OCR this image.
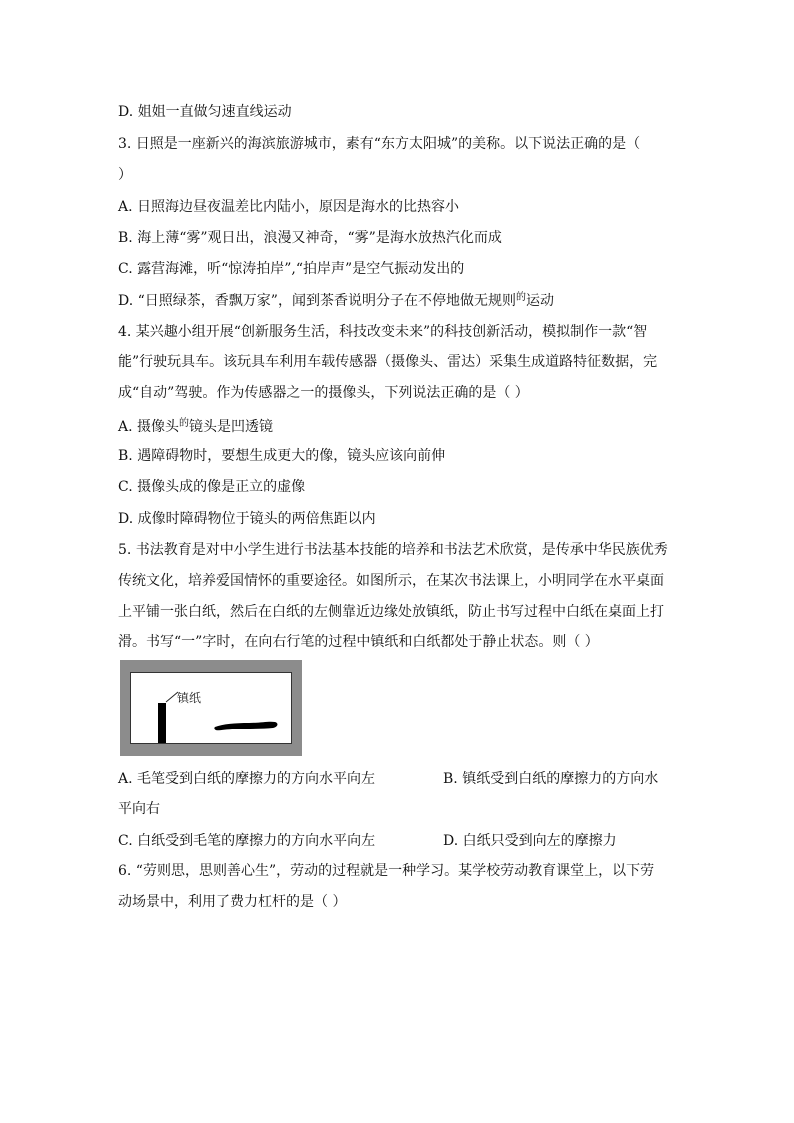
D. 姐姐一直做匀速直线运动
3. 日照是一座新兴的海滨旅游城市，素有“东方太阳城”的美称。以下说法正确的是（
）
A. 日照海边昼夜温差比内陆小，原因是海水的比热容小
B. 海上薄“雾”观日出，浪漫又神奇，“雾”是海水放热汽化而成
C. 露营海滩，听“惊涛拍岸”,“拍岸声”是空气振动发出的
D. “日照绿茶，香飘万家”，闻到茶香说明分子在不停地做无规则$^的$运动
4. 某兴趣小组开展“创新服务生活，科技改变未来”的科技创新活动，模拟制作一款“智
能”行驶玩具车。该玩具车利用车载传感器（摄像头、雷达）采集生成道路特征数据，完
成“自动”驾驶。作为传感器之一的摄像头，下列说法正确的是（ ）
A. 摄像头$^的$镜头是凹透镜
B. 遇障碍物时，要想生成更大的像，镜头应该向前伸
C. 摄像头成的像是正立的虚像
D. 成像时障碍物位于镜头的两倍焦距以内
5. 书法教育是对中小学生进行书法基本技能的培养和书法艺术欣赏，是传承中华民族优秀
传统文化，培养爱国情怀的重要途径。如图所示，在某次书法课上，小明同学在水平桌面
上平铺一张白纸，然后在白纸的左侧靠近边缘处放镇纸，防止书写过程中白纸在桌面上打
滑。书写“一”字时，在向右行笔的过程中镇纸和白纸都处于静止状态。则（ ）
镇纸
A. 毛笔受到白纸的摩擦力的方向水平向左	B. 镇纸受到白纸的摩擦力的方向水
平向右
C. 白纸受到毛笔的摩擦力的方向水平向左	D. 白纸只受到向左的摩擦力
6. “劳则思，思则善心生”，劳动的过程就是一种学习。某学校劳动教育课堂上，以下劳
动场景中，利用了费力杠杆的是（ ）
